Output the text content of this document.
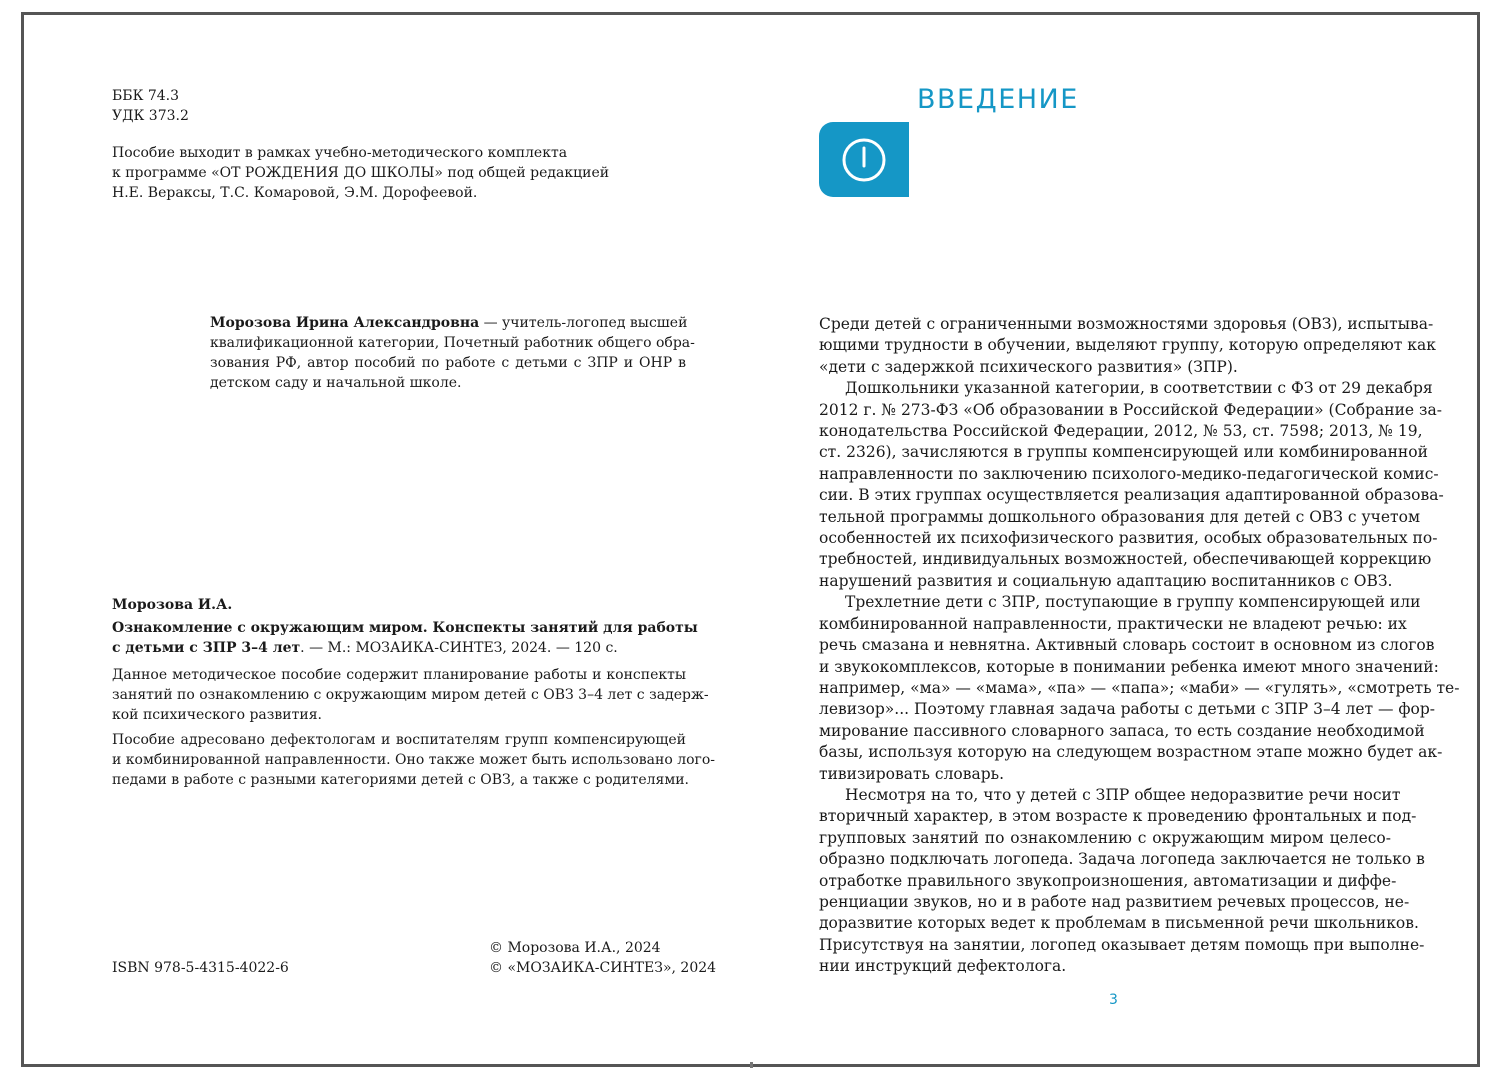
ББК 74.3
УДК 373.2
Пособие выходит в рамках учебно-методического комплекта
к программе «ОТ РОЖДЕНИЯ ДО ШКОЛЫ» под общей редакцией
Н.Е. Вераксы, Т.С. Комаровой, Э.М. Дорофеевой.
Морозова Ирина Александровна — учитель-логопед высшей
квалификационной категории, Почетный работник общего обра-
зования РФ, автор пособий по работе с детьми с ЗПР и ОНР в
детском саду и начальной школе.
Морозова И.А.
Ознакомление с окружающим миром. Конспекты занятий для работы
с детьми с ЗПР 3–4 лет. — М.: МОЗАИКА-СИНТЕЗ, 2024. — 120 с.
Данное методическое пособие содержит планирование работы и конспекты
занятий по ознакомлению с окружающим миром детей с ОВЗ 3–4 лет с задерж-
кой психического развития.
Пособие адресовано дефектологам и воспитателям групп компенсирующей
и комбинированной направленности. Оно также может быть использовано лого-
педами в работе с разными категориями детей с ОВЗ, а также с родителями.
ISBN 978-5-4315-4022-6
© Морозова И.А., 2024
© «МОЗАИКА-СИНТЕЗ», 2024
ВВЕДЕНИЕ
Среди детей с ограниченными возможностями здоровья (ОВЗ), испытыва-
ющими трудности в обучении, выделяют группу, которую определяют как
«дети с задержкой психического развития» (ЗПР).
Дошкольники указанной категории, в соответствии с ФЗ от 29 декабря
2012 г. № 273-ФЗ «Об образовании в Российской Федерации» (Собрание за-
конодательства Российской Федерации, 2012, № 53, ст. 7598; 2013, № 19,
ст. 2326), зачисляются в группы компенсирующей или комбинированной
направленности по заключению психолого-медико-педагогической комис-
сии. В этих группах осуществляется реализация адаптированной образова-
тельной программы дошкольного образования для детей с ОВЗ с учетом
особенностей их психофизического развития, особых образовательных по-
требностей, индивидуальных возможностей, обеспечивающей коррекцию
нарушений развития и социальную адаптацию воспитанников с ОВЗ.
Трехлетние дети с ЗПР, поступающие в группу компенсирующей или
комбинированной направленности, практически не владеют речью: их
речь смазана и невнятна. Активный словарь состоит в основном из слогов
и звукокомплексов, которые в понимании ребенка имеют много значений:
например, «ма» — «мама», «па» — «папа»; «маби» — «гулять», «смотреть те-
левизор»... Поэтому главная задача работы с детьми с ЗПР 3–4 лет — фор-
мирование пассивного словарного запаса, то есть создание необходимой
базы, используя которую на следующем возрастном этапе можно будет ак-
тивизировать словарь.
Несмотря на то, что у детей с ЗПР общее недоразвитие речи носит
вторичный характер, в этом возрасте к проведению фронтальных и под-
групповых занятий по ознакомлению с окружающим миром целесо-
образно подключать логопеда. Задача логопеда заключается не только в
отработке правильного звукопроизношения, автоматизации и диффе-
ренциации звуков, но и в работе над развитием речевых процессов, не-
доразвитие которых ведет к проблемам в письменной речи школьников.
Присутствуя на занятии, логопед оказывает детям помощь при выполне-
нии инструкций дефектолога.
3
